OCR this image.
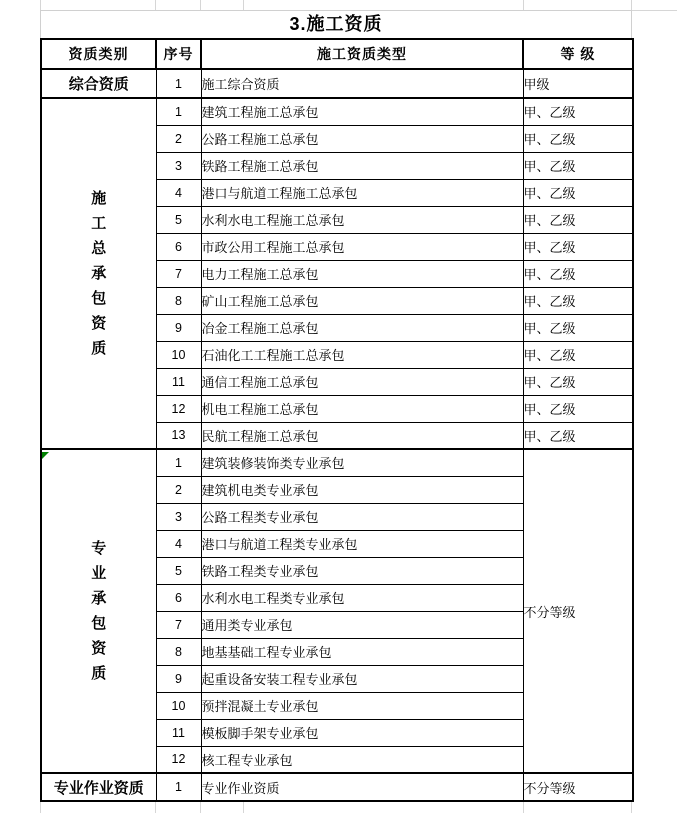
3.施工资质
资质类别	序号	施工资质类型	等 级
综合资质	1	施工综合资质	甲级

施工总承包资质	1	建筑工程施工总承包	甲、乙级
	2	公路工程施工总承包	甲、乙级
	3	铁路工程施工总承包	甲、乙级
	4	港口与航道工程施工总承包	甲、乙级
	5	水利水电工程施工总承包	甲、乙级
	6	市政公用工程施工总承包	甲、乙级
	7	电力工程施工总承包	甲、乙级
	8	矿山工程施工总承包	甲、乙级
	9	冶金工程施工总承包	甲、乙级
	10	石油化工工程施工总承包	甲、乙级
	11	通信工程施工总承包	甲、乙级
	12	机电工程施工总承包	甲、乙级
	13	民航工程施工总承包	甲、乙级

专业承包资质	1	建筑装修装饰类专业承包	不分等级
	2	建筑机电类专业承包	
	3	公路工程类专业承包	
	4	港口与航道工程类专业承包	
	5	铁路工程类专业承包	
	6	水利水电工程类专业承包	
	7	通用类专业承包	
	8	地基基础工程专业承包	
	9	起重设备安装工程专业承包	
	10	预拌混凝土专业承包	
	11	模板脚手架专业承包	
	12	核工程专业承包	
专业作业资质	1	专业作业资质	不分等级
